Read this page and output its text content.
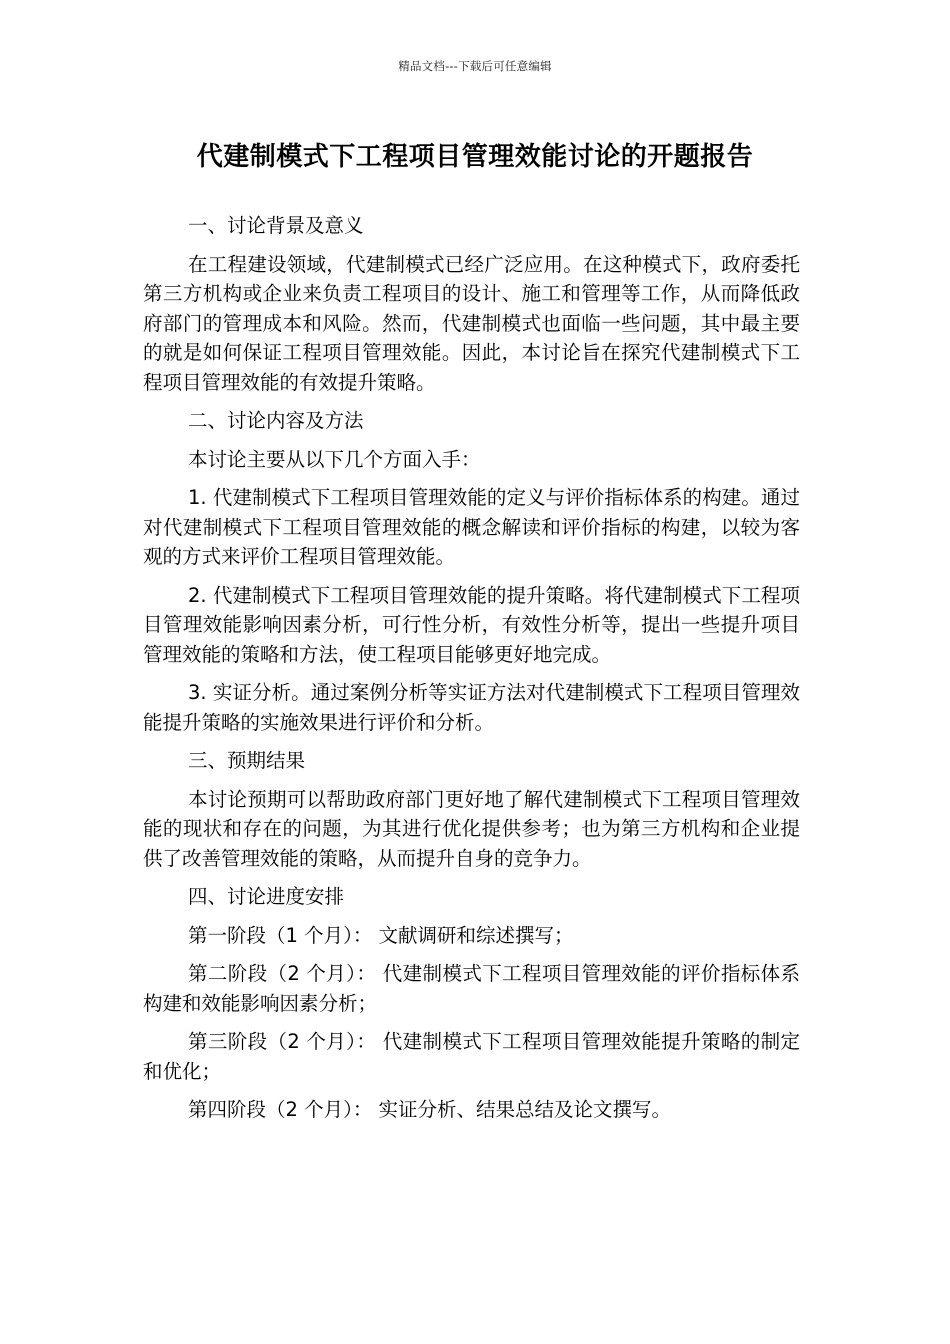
精品文档---下载后可任意编辑
代建制模式下工程项目管理效能讨论的开题报告

一、讨论背景及意义

在工程建设领域，代建制模式已经广泛应用。在这种模式下，政府委托第三方机构或企业来负责工程项目的设计、施工和管理等工作，从而降低政府部门的管理成本和风险。然而，代建制模式也面临一些问题，其中最主要的就是如何保证工程项目管理效能。因此，本讨论旨在探究代建制模式下工程项目管理效能的有效提升策略。

二、讨论内容及方法

本讨论主要从以下几个方面入手：

1. 代建制模式下工程项目管理效能的定义与评价指标体系的构建。通过对代建制模式下工程项目管理效能的概念解读和评价指标的构建，以较为客观的方式来评价工程项目管理效能。

2. 代建制模式下工程项目管理效能的提升策略。将代建制模式下工程项目管理效能影响因素分析，可行性分析，有效性分析等，提出一些提升项目管理效能的策略和方法，使工程项目能够更好地完成。

3. 实证分析。通过案例分析等实证方法对代建制模式下工程项目管理效能提升策略的实施效果进行评价和分析。

三、预期结果

本讨论预期可以帮助政府部门更好地了解代建制模式下工程项目管理效能的现状和存在的问题，为其进行优化提供参考；也为第三方机构和企业提供了改善管理效能的策略，从而提升自身的竞争力。

四、讨论进度安排

第一阶段（1 个月）： 文献调研和综述撰写；

第二阶段（2 个月）： 代建制模式下工程项目管理效能的评价指标体系构建和效能影响因素分析；

第三阶段（2 个月）： 代建制模式下工程项目管理效能提升策略的制定和优化；

第四阶段（2 个月）： 实证分析、结果总结及论文撰写。
